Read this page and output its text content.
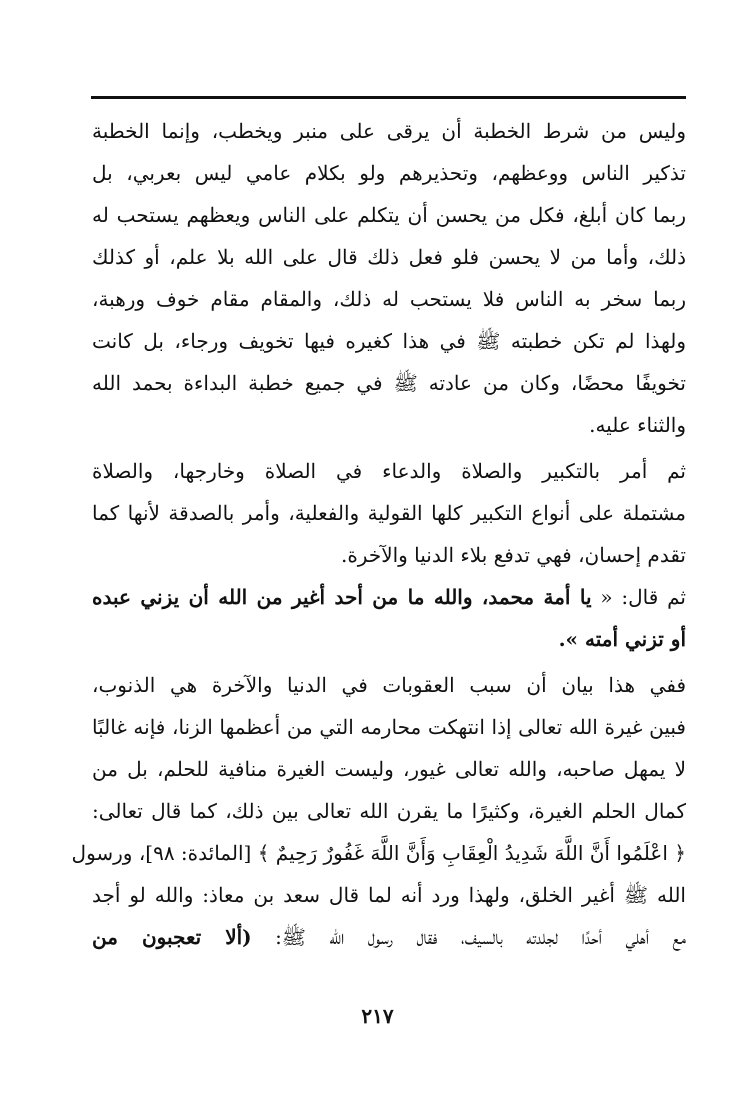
وليس من شرط الخطبة أن يرقى على منبر ويخطب، وإنما الخطبة
تذكير الناس ووعظهم، وتحذيرهم ولو بكلام عامي ليس بعربي، بل
ربما كان أبلغ، فكل من يحسن أن يتكلم على الناس ويعظهم يستحب له
ذلك، وأما من لا يحسن فلو فعل ذلك قال على الله بلا علم، أو كذلك
ربما سخر به الناس فلا يستحب له ذلك، والمقام مقام خوف ورهبة،
ولهذا لم تكن خطبته ﷺ في هذا كغيره فيها تخويف ورجاء، بل كانت
تخويفًا محضًا، وكان من عادته ﷺ في جميع خطبة البداءة بحمد الله
والثناء عليه.
ثم أمر بالتكبير والصلاة والدعاء في الصلاة وخارجها، والصلاة
مشتملة على أنواع التكبير كلها القولية والفعلية، وأمر بالصدقة لأنها كما
تقدم إحسان، فهي تدفع بلاء الدنيا والآخرة.
ثم قال: « يا أمة محمد، والله ما من أحد أغير من الله أن يزني عبده
أو تزني أمته ».
ففي هذا بيان أن سبب العقوبات في الدنيا والآخرة هي الذنوب،
فبين غيرة الله تعالى إذا انتهكت محارمه التي من أعظمها الزنا، فإنه غالبًا
لا يمهل صاحبه، والله تعالى غيور، وليست الغيرة منافية للحلم، بل من
كمال الحلم الغيرة، وكثيرًا ما يقرن الله تعالى بين ذلك، كما قال تعالى:
﴿ اعْلَمُوا أَنَّ اللَّهَ شَدِيدُ الْعِقَابِ وَأَنَّ اللَّهَ غَفُورٌ رَحِيمٌ ﴾ [المائدة: ٩٨]، ورسول
الله ﷺ أغير الخلق، ولهذا ورد أنه لما قال سعد بن معاذ: والله لو أجد
مع أهلي أحدًا لجلدته بالسيف، فقال رسول الله ﷺ: (ألا تعجبون من
٢١٧
